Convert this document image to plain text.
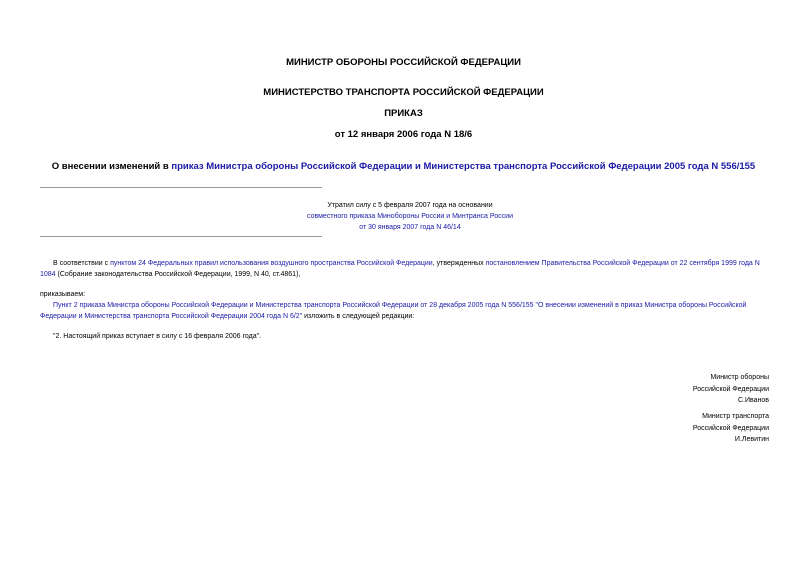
МИНИСТР ОБОРОНЫ РОССИЙСКОЙ ФЕДЕРАЦИИ
МИНИСТЕРСТВО ТРАНСПОРТА РОССИЙСКОЙ ФЕДЕРАЦИИ
ПРИКАЗ
от 12 января 2006 года N 18/6
О внесении изменений в приказ Министра обороны Российской Федерации и Министерства транспорта Российской Федерации 2005 года N 556/155
Утратил силу с 5 февраля 2007 года на основании
совместного приказа Минобороны России и Минтранса России
от 30 января 2007 года N 46/14
В соответствии с пунктом 24 Федеральных правил использования воздушного пространства Российской Федерации, утвержденных постановлением Правительства Российской Федерации от 22 сентября 1999 года N 1084 (Собрание законодательства Российской Федерации, 1999, N 40, ст.4861),
приказываем:
Пункт 2 приказа Министра обороны Российской Федерации и Министерства транспорта Российской Федерации от 28 декабря 2005 года N 556/155 "О внесении изменений в приказ Министра обороны Российской Федерации и Министерства транспорта Российской Федерации 2004 года N 6/2" изложить в следующей редакции:
"2. Настоящий приказ вступает в силу с 16 февраля 2006 года".
Министр обороны
Российской Федерации
С.Иванов
Министр транспорта
Российской Федерации
И.Левитин
